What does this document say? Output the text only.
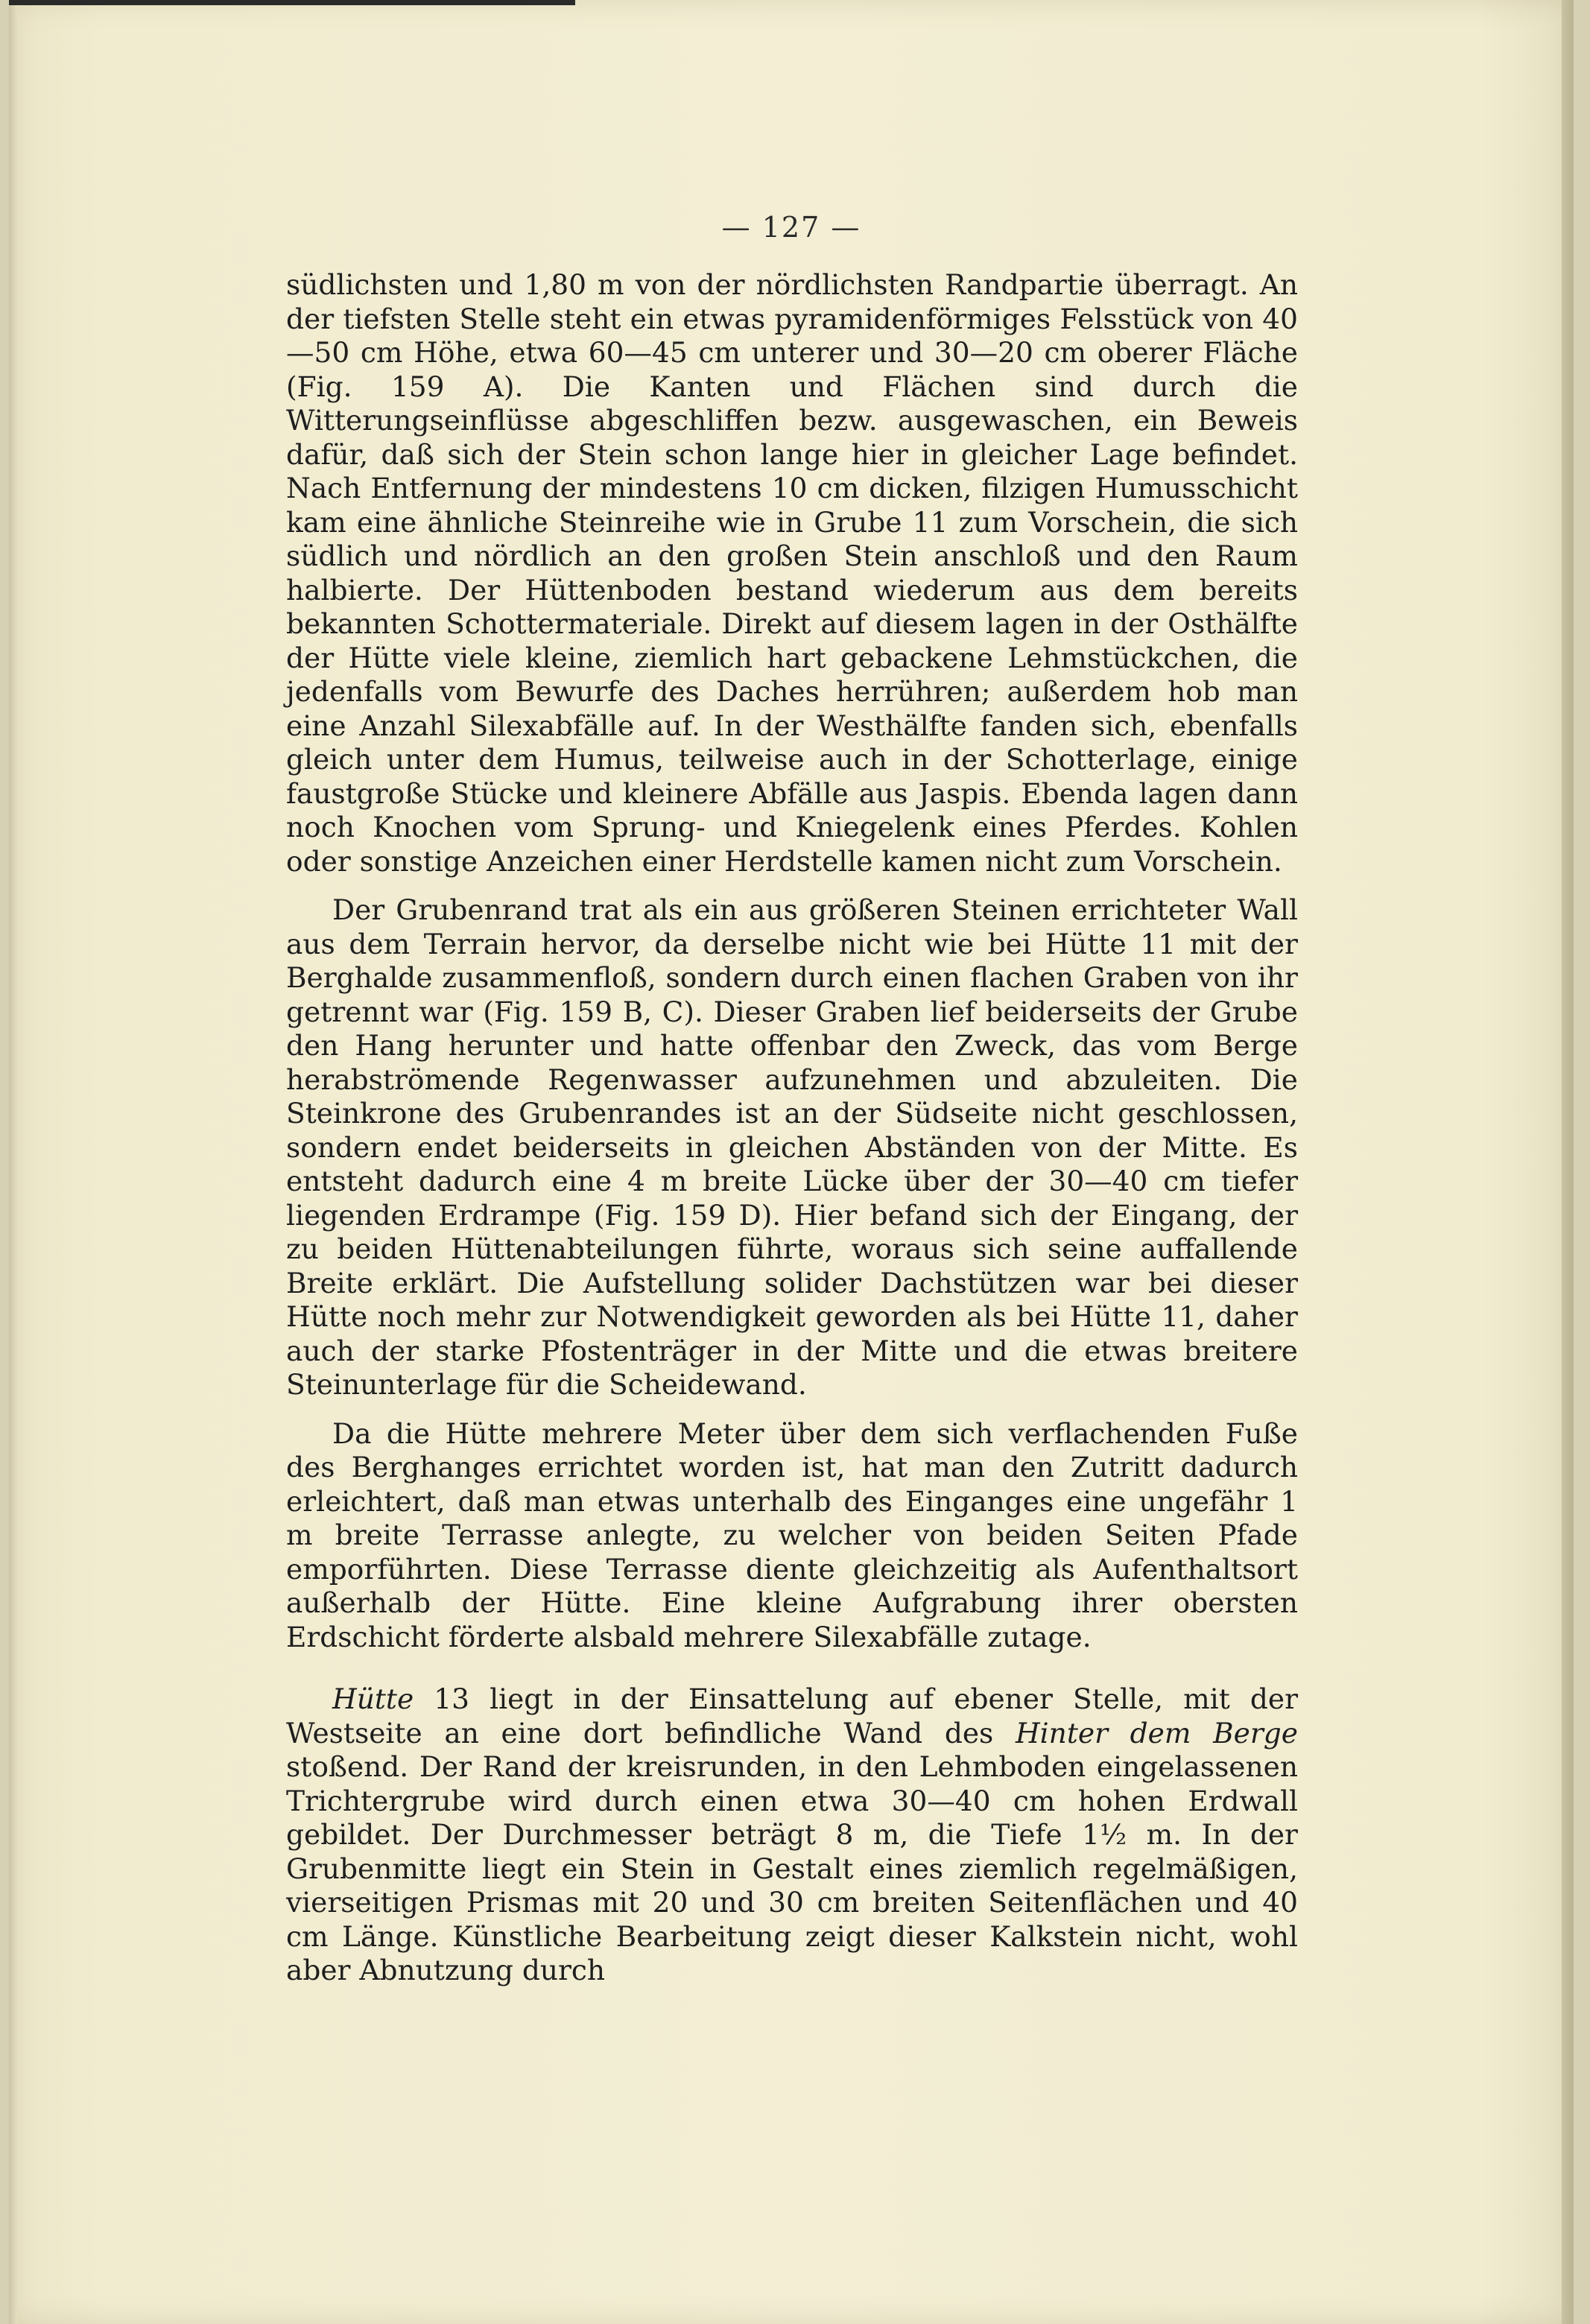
— 127 —

südlichsten und 1,80 m von der nördlichsten Randpartie überragt. An der tiefsten Stelle steht ein etwas pyramidenförmiges Felsstück von 40—50 cm Höhe, etwa 60—45 cm unterer und 30—20 cm oberer Fläche (Fig. 159 A). Die Kanten und Flächen sind durch die Witterungseinflüsse abgeschliffen bezw. ausgewaschen, ein Beweis dafür, daß sich der Stein schon lange hier in gleicher Lage befindet. Nach Entfernung der mindestens 10 cm dicken, filzigen Humusschicht kam eine ähnliche Steinreihe wie in Grube 11 zum Vorschein, die sich südlich und nördlich an den großen Stein anschloß und den Raum halbierte. Der Hüttenboden bestand wiederum aus dem bereits bekannten Schottermateriale. Direkt auf diesem lagen in der Osthälfte der Hütte viele kleine, ziemlich hart gebackene Lehmstückchen, die jedenfalls vom Bewurfe des Daches herrühren; außerdem hob man eine Anzahl Silexabfälle auf. In der Westhälfte fanden sich, ebenfalls gleich unter dem Humus, teilweise auch in der Schotterlage, einige faustgroße Stücke und kleinere Abfälle aus Jaspis. Ebenda lagen dann noch Knochen vom Sprung- und Kniegelenk eines Pferdes. Kohlen oder sonstige Anzeichen einer Herdstelle kamen nicht zum Vorschein.

Der Grubenrand trat als ein aus größeren Steinen errichteter Wall aus dem Terrain hervor, da derselbe nicht wie bei Hütte 11 mit der Berghalde zusammenfloß, sondern durch einen flachen Graben von ihr getrennt war (Fig. 159 B, C). Dieser Graben lief beiderseits der Grube den Hang herunter und hatte offenbar den Zweck, das vom Berge herabströmende Regenwasser aufzunehmen und abzuleiten. Die Steinkrone des Grubenrandes ist an der Südseite nicht geschlossen, sondern endet beiderseits in gleichen Abständen von der Mitte. Es entsteht dadurch eine 4 m breite Lücke über der 30—40 cm tiefer liegenden Erdrampe (Fig. 159 D). Hier befand sich der Eingang, der zu beiden Hüttenabteilungen führte, woraus sich seine auffallende Breite erklärt. Die Aufstellung solider Dachstützen war bei dieser Hütte noch mehr zur Notwendigkeit geworden als bei Hütte 11, daher auch der starke Pfostenträger in der Mitte und die etwas breitere Steinunterlage für die Scheidewand.

Da die Hütte mehrere Meter über dem sich verflachenden Fuße des Berghanges errichtet worden ist, hat man den Zutritt dadurch erleichtert, daß man etwas unterhalb des Einganges eine ungefähr 1 m breite Terrasse anlegte, zu welcher von beiden Seiten Pfade emporführten. Diese Terrasse diente gleichzeitig als Aufenthaltsort außerhalb der Hütte. Eine kleine Aufgrabung ihrer obersten Erdschicht förderte alsbald mehrere Silexabfälle zutage.

Hütte 13 liegt in der Einsattelung auf ebener Stelle, mit der Westseite an eine dort befindliche Wand des Hinter dem Berge stoßend. Der Rand der kreisrunden, in den Lehmboden eingelassenen Trichtergrube wird durch einen etwa 30—40 cm hohen Erdwall gebildet. Der Durchmesser beträgt 8 m, die Tiefe 1½ m. In der Grubenmitte liegt ein Stein in Gestalt eines ziemlich regelmäßigen, vierseitigen Prismas mit 20 und 30 cm breiten Seitenflächen und 40 cm Länge. Künstliche Bearbeitung zeigt dieser Kalkstein nicht, wohl aber Abnutzung durch
